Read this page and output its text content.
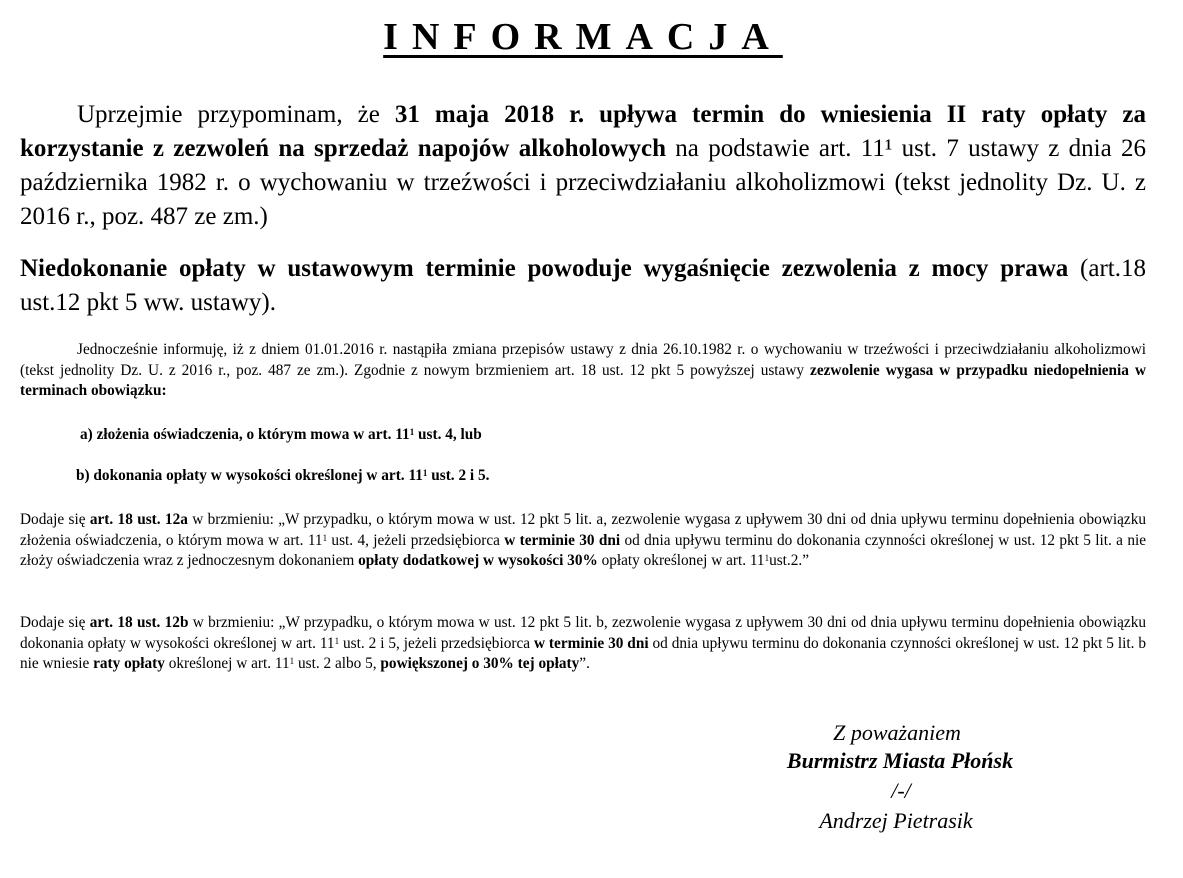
INFORMACJA
Uprzejmie przypominam, że 31 maja 2018 r. upływa termin do wniesienia II raty opłaty za korzystanie z zezwoleń na sprzedaż napojów alkoholowych na podstawie art. 11¹ ust. 7 ustawy z dnia 26 października 1982 r. o wychowaniu w trzeźwości i przeciwdziałaniu alkoholizmowi (tekst jednolity Dz. U. z 2016 r., poz. 487 ze zm.)
Niedokonanie opłaty w ustawowym terminie powoduje wygaśnięcie zezwolenia z mocy prawa (art.18 ust.12 pkt 5 ww. ustawy).
Jednocześnie informuję, iż z dniem 01.01.2016 r. nastąpiła zmiana przepisów ustawy z dnia 26.10.1982 r. o wychowaniu w trzeźwości i przeciwdziałaniu alkoholizmowi (tekst jednolity Dz. U. z 2016 r., poz. 487 ze zm.). Zgodnie z nowym brzmieniem art. 18 ust. 12 pkt 5 powyższej ustawy zezwolenie wygasa w przypadku niedopełnienia w terminach obowiązku:
a) złożenia oświadczenia, o którym mowa w art. $11^1$ ust. 4, lub
b) dokonania opłaty w wysokości określonej w art. $11^1$ ust. 2 i 5.
Dodaje się art. 18 ust. 12a w brzmieniu: „W przypadku, o którym mowa w ust. 12 pkt 5 lit. a, zezwolenie wygasa z upływem 30 dni od dnia upływu terminu dopełnienia obowiązku złożenia oświadczenia, o którym mowa w art. $11^1$ ust. 4, jeżeli przedsiębiorca w terminie 30 dni od dnia upływu terminu do dokonania czynności określonej w ust. 12 pkt 5 lit. a nie złoży oświadczenia wraz z jednoczesnym dokonaniem opłaty dodatkowej w wysokości 30% opłaty określonej w art. $11^1ust.2$.”
Dodaje się art. 18 ust. 12b w brzmieniu: „W przypadku, o którym mowa w ust. 12 pkt 5 lit. b, zezwolenie wygasa z upływem 30 dni od dnia upływu terminu dopełnienia obowiązku dokonania opłaty w wysokości określonej w art. $11^1$ ust. 2 i 5, jeżeli przedsiębiorca w terminie 30 dni od dnia upływu terminu do dokonania czynności określonej w ust. 12 pkt 5 lit. b nie wniesie raty opłaty określonej w art. $11^1$ ust. 2 albo 5, powiększonej o 30% tej opłaty”.
Z poważaniem
Burmistrz Miasta Płońsk
/-/
Andrzej Pietrasik
